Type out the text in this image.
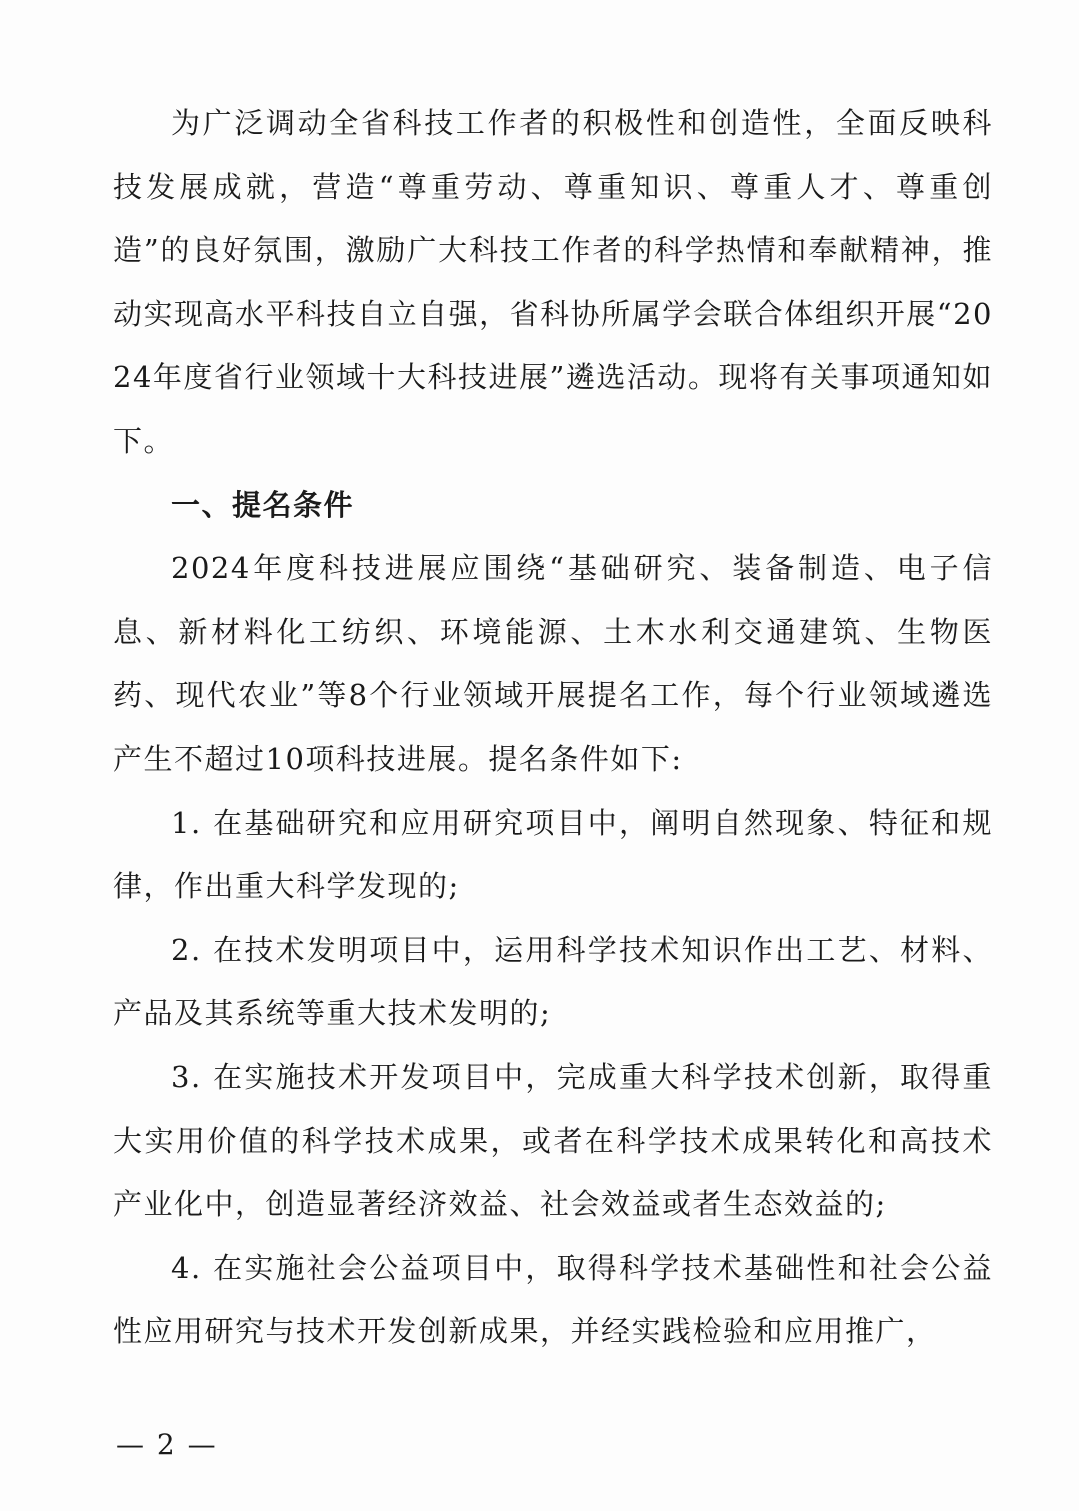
为广泛调动全省科技工作者的积极性和创造性，全面反映科技发展成就，营造“尊重劳动、尊重知识、尊重人才、尊重创造”的良好氛围，激励广大科技工作者的科学热情和奉献精神，推动实现高水平科技自立自强，省科协所属学会联合体组织开展“2024年度省行业领域十大科技进展”遴选活动。现将有关事项通知如下。

一、提名条件

2024年度科技进展应围绕“基础研究、装备制造、电子信息、新材料化工纺织、环境能源、土木水利交通建筑、生物医药、现代农业”等8个行业领域开展提名工作，每个行业领域遴选产生不超过10项科技进展。提名条件如下:

1. 在基础研究和应用研究项目中，阐明自然现象、特征和规律，作出重大科学发现的;

2. 在技术发明项目中，运用科学技术知识作出工艺、材料、产品及其系统等重大技术发明的;

3. 在实施技术开发项目中，完成重大科学技术创新，取得重大实用价值的科学技术成果，或者在科学技术成果转化和高技术产业化中，创造显著经济效益、社会效益或者生态效益的;

4. 在实施社会公益项目中，取得科学技术基础性和社会公益性应用研究与技术开发创新成果，并经实践检验和应用推广，

— 2 —
